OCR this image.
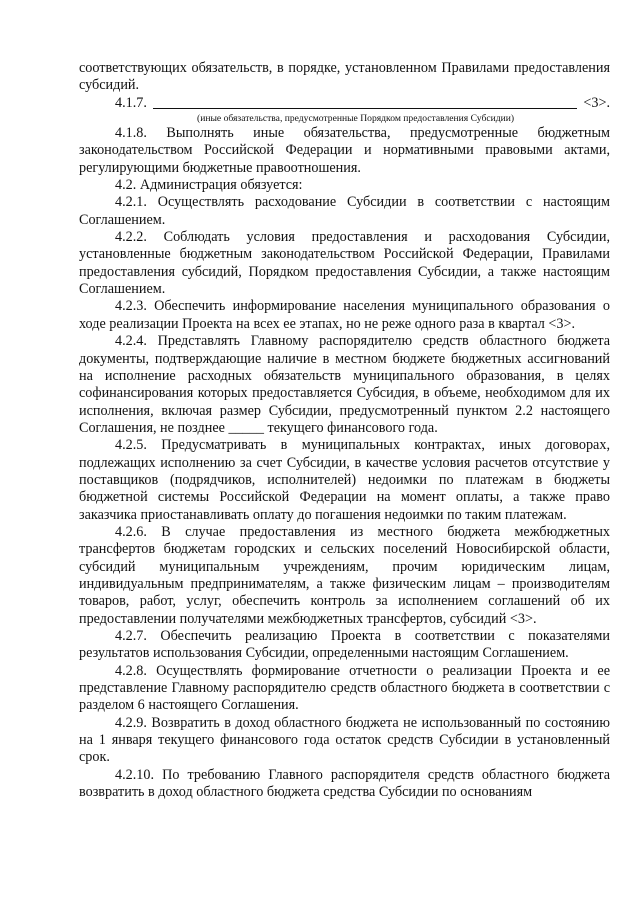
соответствующих обязательств, в порядке, установленном Правилами предоставления субсидий.

4.1.7.	<3>.
(иные обязательства, предусмотренные Порядком предоставления Субсидии)

4.1.8. Выполнять иные обязательства, предусмотренные бюджетным законодательством Российской Федерации и нормативными правовыми актами, регулирующими бюджетные правоотношения.

4.2. Администрация обязуется:

4.2.1. Осуществлять расходование Субсидии в соответствии с настоящим Соглашением.

4.2.2. Соблюдать условия предоставления и расходования Субсидии, установленные бюджетным законодательством Российской Федерации, Правилами предоставления субсидий, Порядком предоставления Субсидии, а также настоящим Соглашением.

4.2.3. Обеспечить информирование населения муниципального образования о ходе реализации Проекта на всех ее этапах, но не реже одного раза в квартал <3>.

4.2.4. Представлять Главному распорядителю средств областного бюджета документы, подтверждающие наличие в местном бюджете бюджетных ассигнований на исполнение расходных обязательств муниципального образования, в целях софинансирования которых предоставляется Субсидия, в объеме, необходимом для их исполнения, включая размер Субсидии, предусмотренный пунктом 2.2 настоящего Соглашения, не позднее _____ текущего финансового года.

4.2.5. Предусматривать в муниципальных контрактах, иных договорах, подлежащих исполнению за счет Субсидии, в качестве условия расчетов отсутствие у поставщиков (подрядчиков, исполнителей) недоимки по платежам в бюджеты бюджетной системы Российской Федерации на момент оплаты, а также право заказчика приостанавливать оплату до погашения недоимки по таким платежам.

4.2.6. В случае предоставления из местного бюджета межбюджетных трансфертов бюджетам городских и сельских поселений Новосибирской области, субсидий муниципальным учреждениям, прочим юридическим лицам, индивидуальным предпринимателям, а также физическим лицам – производителям товаров, работ, услуг, обеспечить контроль за исполнением соглашений об их предоставлении получателями межбюджетных трансфертов, субсидий <3>.

4.2.7. Обеспечить реализацию Проекта в соответствии с показателями результатов использования Субсидии, определенными настоящим Соглашением.

4.2.8. Осуществлять формирование отчетности о реализации Проекта и ее представление Главному распорядителю средств областного бюджета в соответствии с разделом 6 настоящего Соглашения.

4.2.9. Возвратить в доход областного бюджета не использованный по состоянию на 1 января текущего финансового года остаток средств Субсидии в установленный срок.

4.2.10. По требованию Главного распорядителя средств областного бюджета возвратить в доход областного бюджета средства Субсидии по основаниям
